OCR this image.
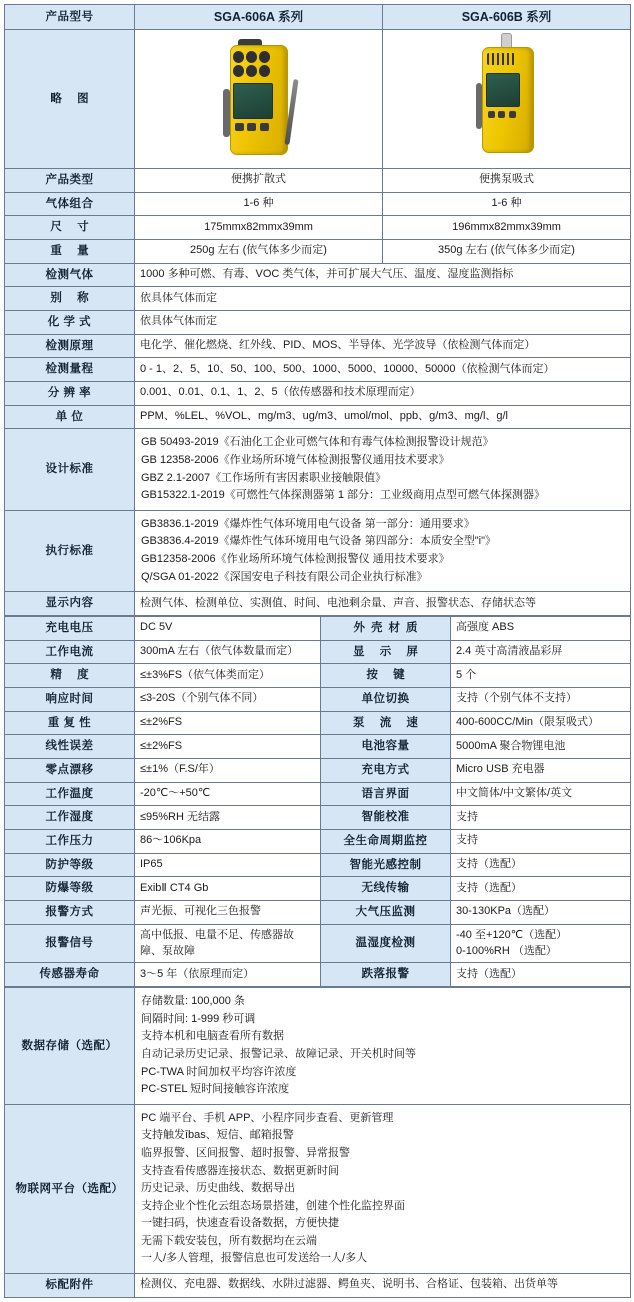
产品型号	SGA-606A 系列	SGA-606B 系列
略 图	

产品类型	便携扩散式	便携泵吸式
气体组合	1-6 种	1-6 种
尺 寸	175mmx82mmx39mm	196mmx82mmx39mm
重 量	250g 左右 (依气体多少而定)	350g 左右 (依气体多少而定)
检测气体	1000 多种可燃、有毒、VOC 类气体，并可扩展大气压、温度、湿度监测指标	
别 称	依具体气体而定	
化 学 式	依具体气体而定	
检测原理	电化学、催化燃烧、红外线、PID、MOS、半导体、光学波导（依检测气体而定）	
检测量程	0 - 1、2、5、10、50、100、500、1000、5000、10000、50000（依检测气体而定）	
分 辨 率	0.001、0.01、0.1、1、2、5（依传感器和技术原理而定）	
单 位	PPM、%LEL、%VOL、mg/m3、ug/m3、umol/mol、ppb、g/m3、mg/l、g/l	
设计标准	GB 50493-2019《石油化工企业可燃气体和有毒气体检测报警设计规范》
GB 12358-2006《作业场所环境气体检测报警仪通用技术要求》
GBZ 2.1-2007《工作场所有害因素职业接触限值》
GB15322.1-2019《可燃性气体探测器第 1 部分：工业级商用点型可燃气体探测器》	

执行标准	GB3836.1-2019《爆炸性气体环境用电气设备 第一部分：通用要求》
GB3836.4-2019《爆炸性气体环境用电气设备 第四部分：本质安全型"i"》
GB12358-2006《作业场所环境气体检测报警仪 通用技术要求》
Q/SGA 01-2022《深国安电子科技有限公司企业执行标准》	

显示内容	检测气体、检测单位、实测值、时间、电池剩余量、声音、报警状态、存储状态等	
充电电压	DC 5V	外壳材质	高强度 ABS
工作电流	300mA 左右（依气体数量而定）	显 示 屏	2.4 英寸高清液晶彩屏
精 度	≤±3%FS（依气体类而定）	按 键	5 个
响应时间	≤3-20S（个别气体不同）	单位切换	支持（个别气体不支持）
重 复 性	≤±2%FS	泵 流 速	400-600CC/Min（限泵吸式）
线性误差	≤±2%FS	电池容量	5000mA 聚合物锂电池
零点漂移	≤±1%（F.S/年）	充电方式	Micro USB 充电器
工作温度	-20℃～+50℃	语言界面	中文简体/中文繁体/英文
工作湿度	≤95%RH 无结露	智能校准	支持
工作压力	86～106Kpa	全生命周期监控	支持
防护等级	IP65	智能光感控制	支持（选配）
防爆等级	ExibⅡ CT4 Gb	无线传输	支持（选配）
报警方式	声光振、可视化三色报警	大气压监测	30-130KPa（选配）
报警信号	高中低报、电量不足、传感器故障、泵故障	温湿度检测	-40 至+120℃（选配）
0-100%RH （选配）

传感器寿命	3～5 年（依原理而定）	跌落报警	支持（选配）
数据存储（选配）	
存储数量: 100,000 条
间隔时间: 1-999 秒可调
支持本机和电脑查看所有数据
自动记录历史记录、报警记录、故障记录、开关机时间等
PC-TWA 时间加权平均容许浓度
PC-STEL 短时间接触容许浓度

物联网平台（选配）	
PC 端平台、手机 APP、小程序同步查看、更新管理
支持触发ības、短信、邮箱报警
临界报警、区间报警、超时报警、异常报警
支持查看传感器连接状态、数据更新时间
历史记录、历史曲线、数据导出
支持企业个性化云组态场景搭建，创建个性化监控界面
一键扫码，快速查看设备数据，方便快捷
无需下载安装包，所有数据均在云端
一人/多人管理，报警信息也可发送给一人/多人

标配附件	检测仪、充电器、数据线、水阱过滤器、鳄鱼夹、说明书、合格证、包装箱、出货单等
